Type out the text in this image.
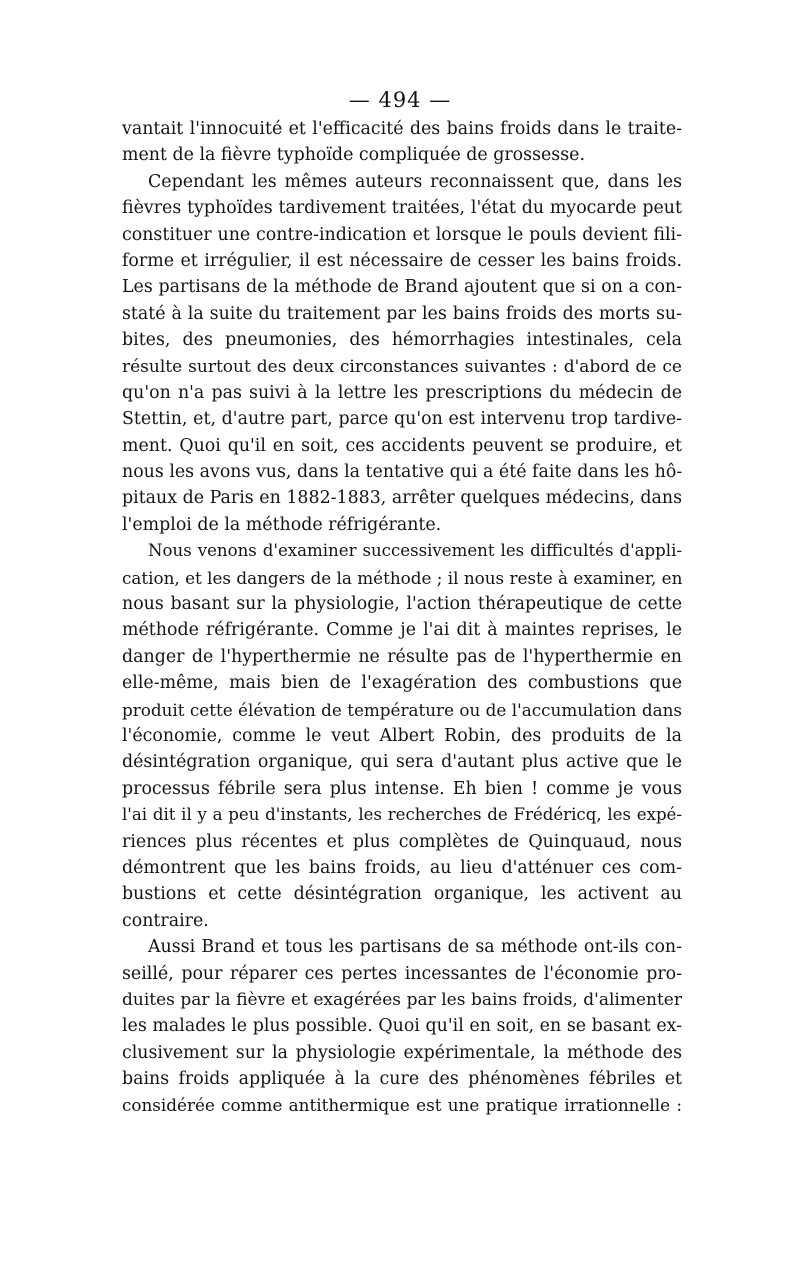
— 494 —
vantait l'innocuité et l'efficacité des bains froids dans le traite-
ment de la fièvre typhoïde compliquée de grossesse.
Cependant les mêmes auteurs reconnaissent que, dans les
fièvres typhoïdes tardivement traitées, l'état du myocarde peut
constituer une contre-indication et lorsque le pouls devient fili-
forme et irrégulier, il est nécessaire de cesser les bains froids.
Les partisans de la méthode de Brand ajoutent que si on a con-
staté à la suite du traitement par les bains froids des morts su-
bites, des pneumonies, des hémorrhagies intestinales, cela
résulte surtout des deux circonstances suivantes : d'abord de ce
qu'on n'a pas suivi à la lettre les prescriptions du médecin de
Stettin, et, d'autre part, parce qu'on est intervenu trop tardive-
ment. Quoi qu'il en soit, ces accidents peuvent se produire, et
nous les avons vus, dans la tentative qui a été faite dans les hô-
pitaux de Paris en 1882-1883, arrêter quelques médecins, dans
l'emploi de la méthode réfrigérante.
Nous venons d'examiner successivement les difficultés d'appli-
cation, et les dangers de la méthode ; il nous reste à examiner, en
nous basant sur la physiologie, l'action thérapeutique de cette
méthode réfrigérante. Comme je l'ai dit à maintes reprises, le
danger de l'hyperthermie ne résulte pas de l'hyperthermie en
elle-même, mais bien de l'exagération des combustions que
produit cette élévation de température ou de l'accumulation dans
l'économie, comme le veut Albert Robin, des produits de la
désintégration organique, qui sera d'autant plus active que le
processus fébrile sera plus intense. Eh bien ! comme je vous
l'ai dit il y a peu d'instants, les recherches de Frédéricq, les expé-
riences plus récentes et plus complètes de Quinquaud, nous
démontrent que les bains froids, au lieu d'atténuer ces com-
bustions et cette désintégration organique, les activent au
contraire.
Aussi Brand et tous les partisans de sa méthode ont-ils con-
seillé, pour réparer ces pertes incessantes de l'économie pro-
duites par la fièvre et exagérées par les bains froids, d'alimenter
les malades le plus possible. Quoi qu'il en soit, en se basant ex-
clusivement sur la physiologie expérimentale, la méthode des
bains froids appliquée à la cure des phénomènes fébriles et
considérée comme antithermique est une pratique irrationnelle :
